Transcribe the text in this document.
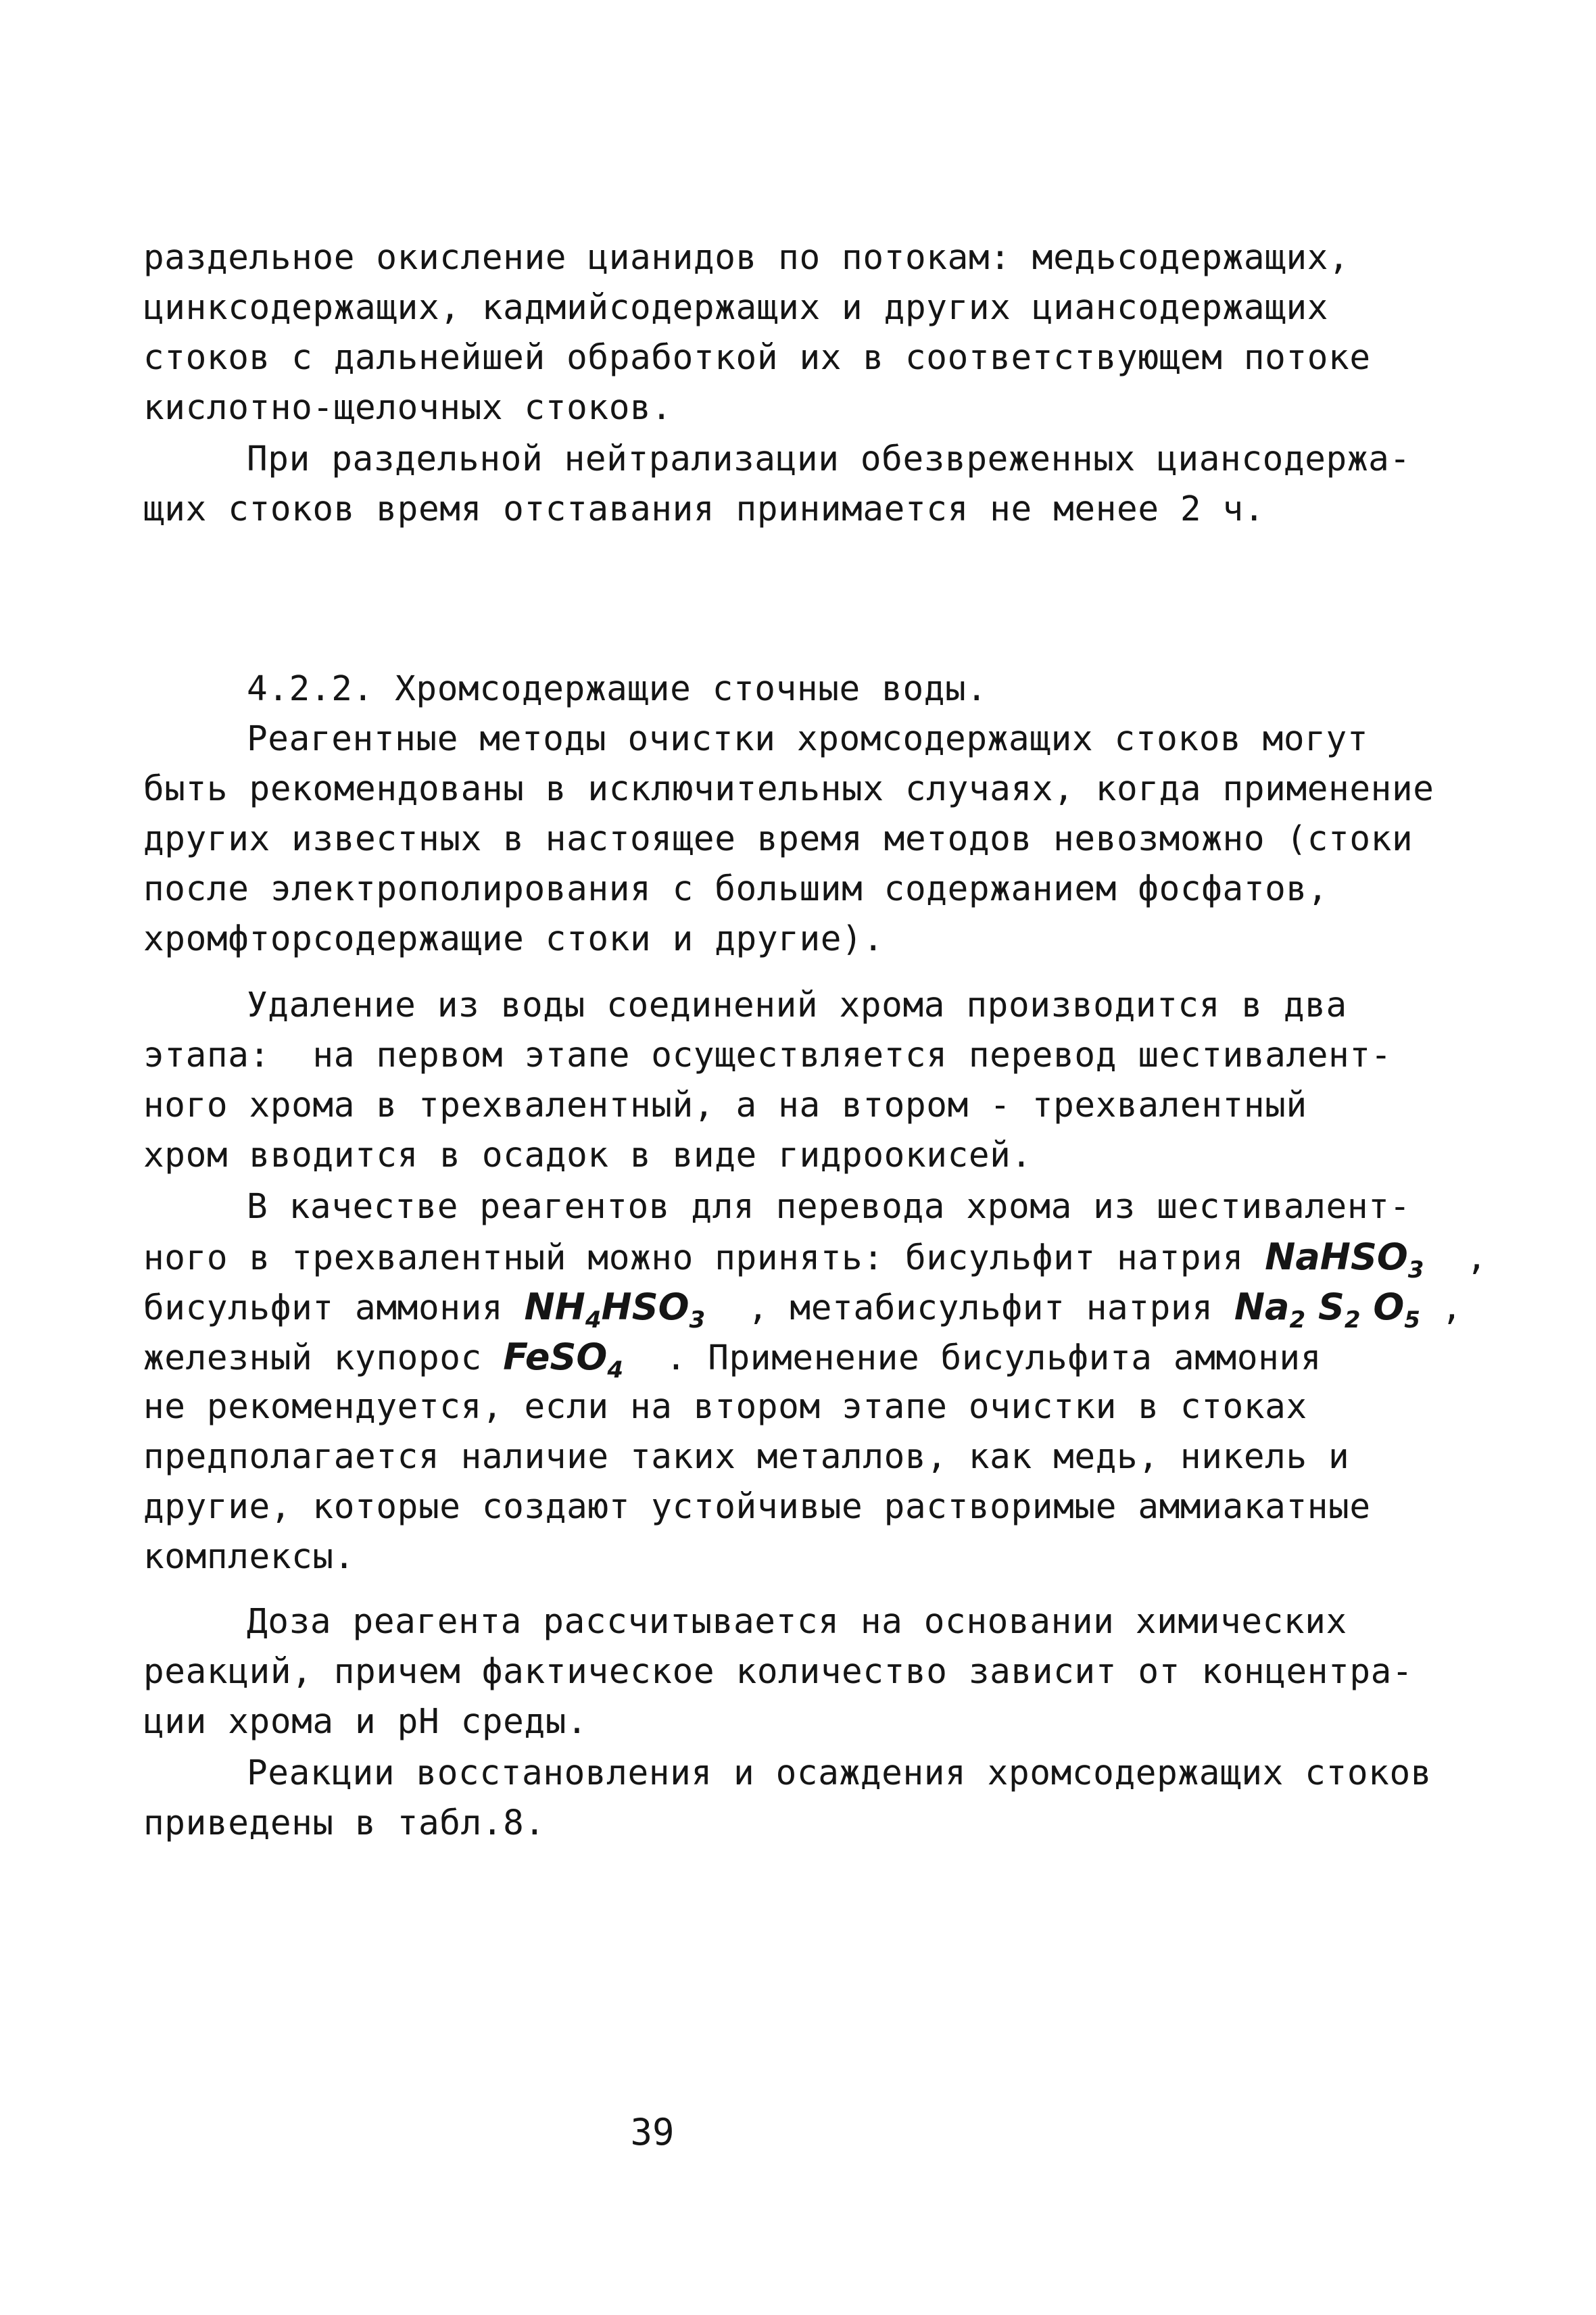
раздельное окисление цианидов по потокам: медьсодержащих,

цинксодержащих, кадмийсодержащих и других циансодержащих

стоков с дальнейшей обработкой их в соответствующем потоке

кислотно-щелочных стоков.

При раздельной нейтрализации обезвреженных циансодержа-

щих стоков время отставания принимается не менее 2 ч.

4.2.2. Хромсодержащие сточные воды.

Реагентные методы очистки хромсодержащих стоков могут

быть рекомендованы в исключительных случаях, когда применение

других известных в настоящее время методов невозможно (стоки

после электрополирования с большим содержанием фосфатов,

хромфторсодержащие стоки и другие).

Удаление из воды соединений хрома производится в два

этапа:  на первом этапе осуществляется перевод шестивалент-

ного хрома в трехвалентный, а на втором - трехвалентный

хром вводится в осадок в виде гидроокисей.

В качестве реагентов для перевода хрома из шестивалент-

ного в трехвалентный можно принять: бисульфит натрия NaHSO$_3$  ,

бисульфит аммония $NH_4HSO_3$  , метабисульфит натрия $Na_2$ $S_2$ $O_5$ ,

железный купорос FeSO$_4$  . Применение бисульфита аммония

не рекомендуется, если на втором этапе очистки в стоках

предполагается наличие таких металлов, как медь, никель и

другие, которые создают устойчивые растворимые аммиакатные

комплексы.

Доза реагента рассчитывается на основании химических

реакций, причем фактическое количество зависит от концентра-

ции хрома и рН среды.

Реакции восстановления и осаждения хромсодержащих стоков

приведены в табл.8.

39
